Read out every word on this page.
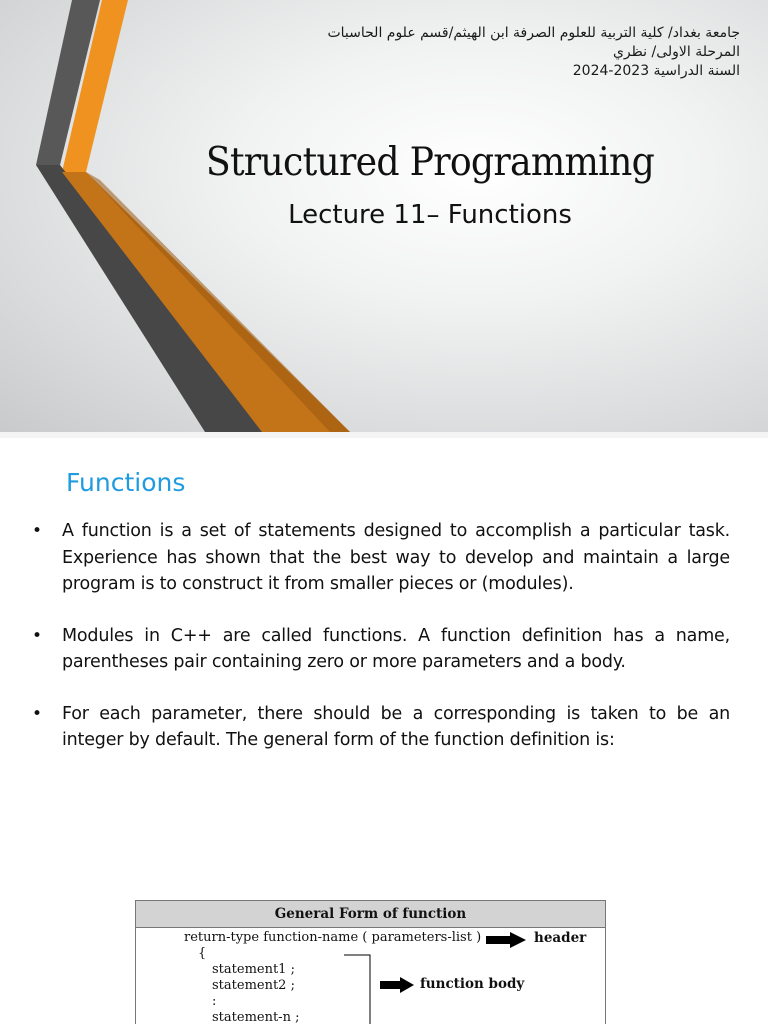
جامعة بغداد/ كلية التربية للعلوم الصرفة ابن الهيثم/قسم علوم الحاسبات
المرحلة الاولى/ نظري
السنة الدراسية 2023-2024
Structured Programming
Lecture 11– Functions
Functions
• A function is a set of statements designed to accomplish a particular task. Experience has shown that the best way to develop and maintain a large program is to construct it from smaller pieces or (modules).
• Modules in C++ are called functions. A function definition has a name, parentheses pair containing zero or more parameters and a body.
• For each parameter, there should be a corresponding is taken to be an integer by default. The general form of the function definition is:
General Form of function
return-type function-name ( parameters-list )	header
{
statement1 ;
statement2 ;
:
statement-n ;
function body
